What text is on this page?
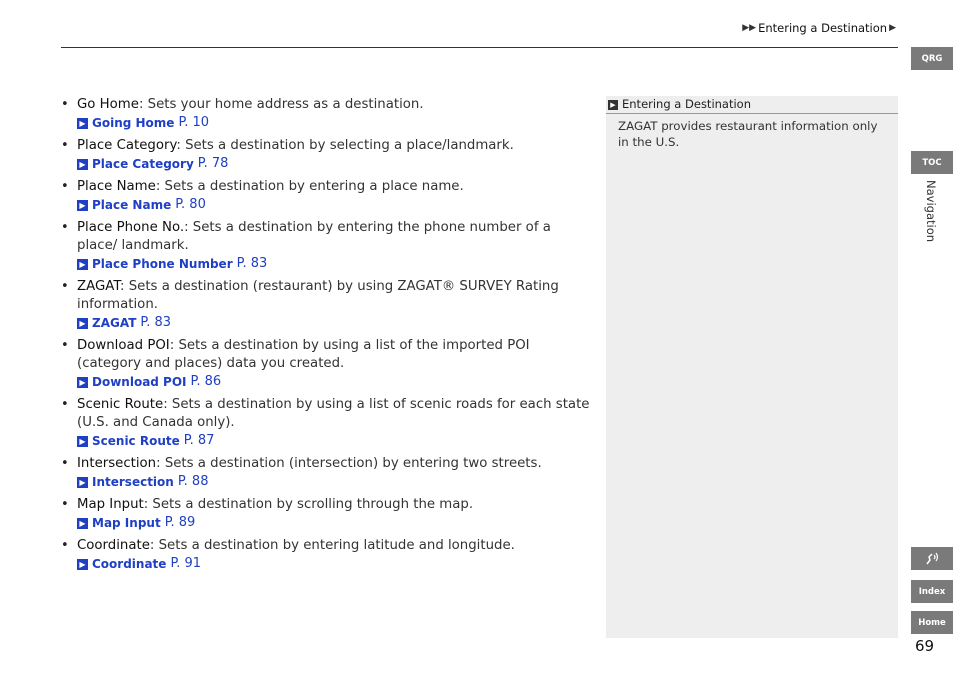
▶▶ Entering a Destination ▶
• Go Home: Sets your home address as a destination.
▶ Going Home P. 10
• Place Category: Sets a destination by selecting a place/landmark.
▶ Place Category P. 78
• Place Name: Sets a destination by entering a place name.
▶ Place Name P. 80
• Place Phone No.: Sets a destination by entering the phone number of a place/ landmark.
▶ Place Phone Number P. 83
• ZAGAT: Sets a destination (restaurant) by using ZAGAT® SURVEY Rating information.
▶ ZAGAT P. 83
• Download POI: Sets a destination by using a list of the imported POI (category and places) data you created.
▶ Download POI P. 86
• Scenic Route: Sets a destination by using a list of scenic roads for each state (U.S. and Canada only).
▶ Scenic Route P. 87
• Intersection: Sets a destination (intersection) by entering two streets.
▶ Intersection P. 88
• Map Input: Sets a destination by scrolling through the map.
▶ Map Input P. 89
• Coordinate: Sets a destination by entering latitude and longitude.
▶ Coordinate P. 91
▶ Entering a Destination
ZAGAT provides restaurant information only in the U.S.
QRG
TOC
Navigation
Index
Home
69
